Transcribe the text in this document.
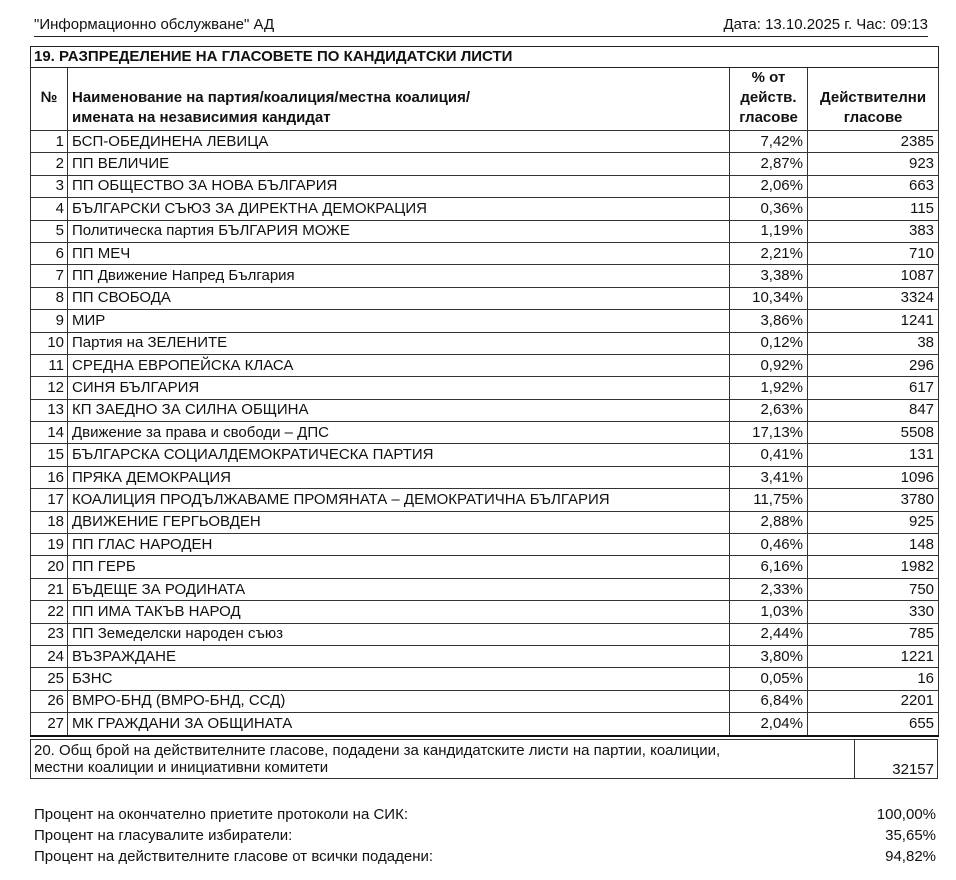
"Информационно обслужване" АД	Дата: 13.10.2025 г. Час: 09:13
19. РАЗПРЕДЕЛЕНИЕ НА ГЛАСОВЕТЕ ПО КАНДИДАТСКИ ЛИСТИ			
№	Наименование на партия/коалиция/местна коалиция/
имената на независимия кандидат

% от
действ.
гласове

Действителни
гласове

1	БСП-ОБЕДИНЕНА ЛЕВИЦА	7,42%	2385
2	ПП ВЕЛИЧИЕ	2,87%	923
3	ПП ОБЩЕСТВО ЗА НОВА БЪЛГАРИЯ	2,06%	663
4	БЪЛГАРСКИ СЪЮЗ ЗА ДИРЕКТНА ДЕМОКРАЦИЯ	0,36%	115
5	Политическа партия БЪЛГАРИЯ МОЖЕ	1,19%	383
6	ПП МЕЧ	2,21%	710
7	ПП Движение Напред България	3,38%	1087
8	ПП СВОБОДА	10,34%	3324
9	МИР	3,86%	1241
10	Партия на ЗЕЛЕНИТЕ	0,12%	38
11	СРЕДНА ЕВРОПЕЙСКА КЛАСА	0,92%	296
12	СИНЯ БЪЛГАРИЯ	1,92%	617
13	КП ЗАЕДНО ЗА СИЛНА ОБЩИНА	2,63%	847
14	Движение за права и свободи – ДПС	17,13%	5508
15	БЪЛГАРСКА СОЦИАЛДЕМОКРАТИЧЕСКА ПАРТИЯ	0,41%	131
16	ПРЯКА ДЕМОКРАЦИЯ	3,41%	1096
17	КОАЛИЦИЯ ПРОДЪЛЖАВАМЕ ПРОМЯНАТА – ДЕМОКРАТИЧНА БЪЛГАРИЯ	11,75%	3780
18	ДВИЖЕНИЕ ГЕРГЬОВДЕН	2,88%	925
19	ПП ГЛАС НАРОДЕН	0,46%	148
20	ПП ГЕРБ	6,16%	1982
21	БЪДЕЩЕ ЗА РОДИНАТА	2,33%	750
22	ПП ИМА ТАКЪВ НАРОД	1,03%	330
23	ПП Земеделски народен съюз	2,44%	785
24	ВЪЗРАЖДАНЕ	3,80%	1221
25	БЗНС	0,05%	16
26	ВМРО-БНД (ВМРО-БНД, ССД)	6,84%	2201
27	МК ГРАЖДАНИ ЗА ОБЩИНАТА	2,04%	655
20. Общ брой на действителните гласове, подадени за кандидатските листи на партии, коалиции,
местни коалиции и инициативни комитети	32157
Процент на окончателно приетите протоколи на СИК:	100,00%
Процент на гласувалите избиратели:	35,65%
Процент на действителните гласове от всички подадени:	94,82%
